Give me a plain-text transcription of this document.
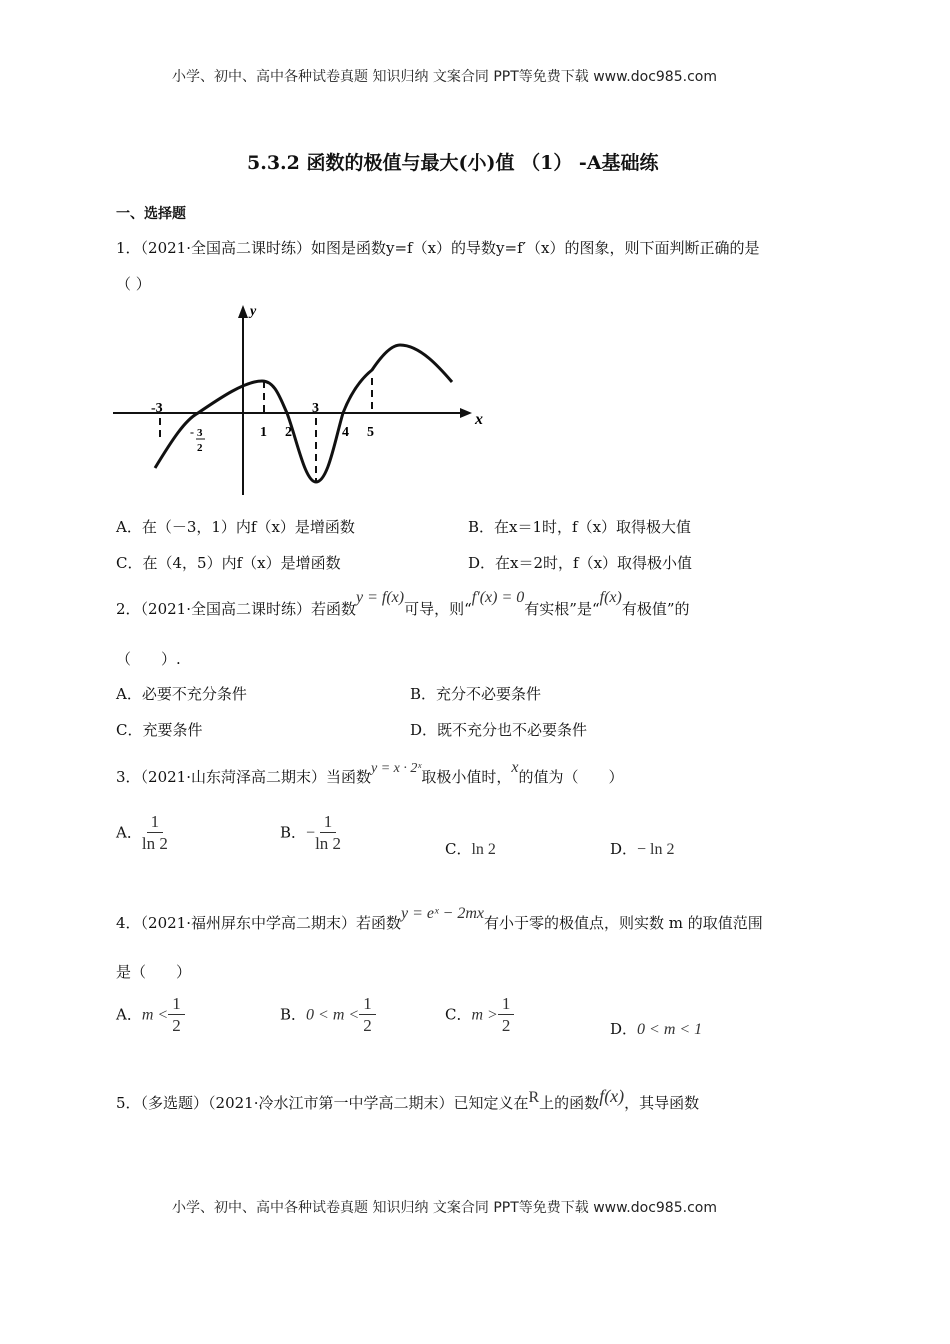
小学、初中、高中各种试卷真题 知识归纳 文案合同 PPT等免费下载 www.doc985.com
5.3.2 函数的极值与最大(小)值 （1） -A基础练
一、选择题
1．（2021·全国高二课时练）如图是函数y=f（x）的导数y=f′（x）的图象，则下面判断正确的是
（ ）
y
x
-3
1 2
3
4 5
- 3
2
A．在（－3，1）内f（x）是增函数	B．在x＝1时，f（x）取得极大值
C．在（4，5）内f（x）是增函数	D．在x＝2时，f（x）取得极小值
2．（2021·全国高二课时练）若函数y = f(x)可导，则“f′(x) = 0有实根”是“f(x)有极值”的
（　　）.
A．必要不充分条件	B．充分不必要条件
C．充要条件	D．既不充分也不必要条件
3．（2021·山东菏泽高二期末）当函数y = x · 2ˣ取极小值时，x的值为（　　）
A． $\frac{1}{\ln 2}$	B．− $\frac{1}{\ln 2}$	C．ln 2	D．− ln 2
4．（2021·福州屏东中学高二期末）若函数y = eˣ − 2mx有小于零的极值点，则实数 m 的取值范围
是（　　）
A．$m < \frac{1}{2}$	B．$0 < m < \frac{1}{2}$	C．$m > \frac{1}{2}$	D．0 < m < 1
5．（多选题）（2021·冷水江市第一中学高二期末）已知定义在R上的函数f(x)，其导函数
小学、初中、高中各种试卷真题 知识归纳 文案合同 PPT等免费下载 www.doc985.com
